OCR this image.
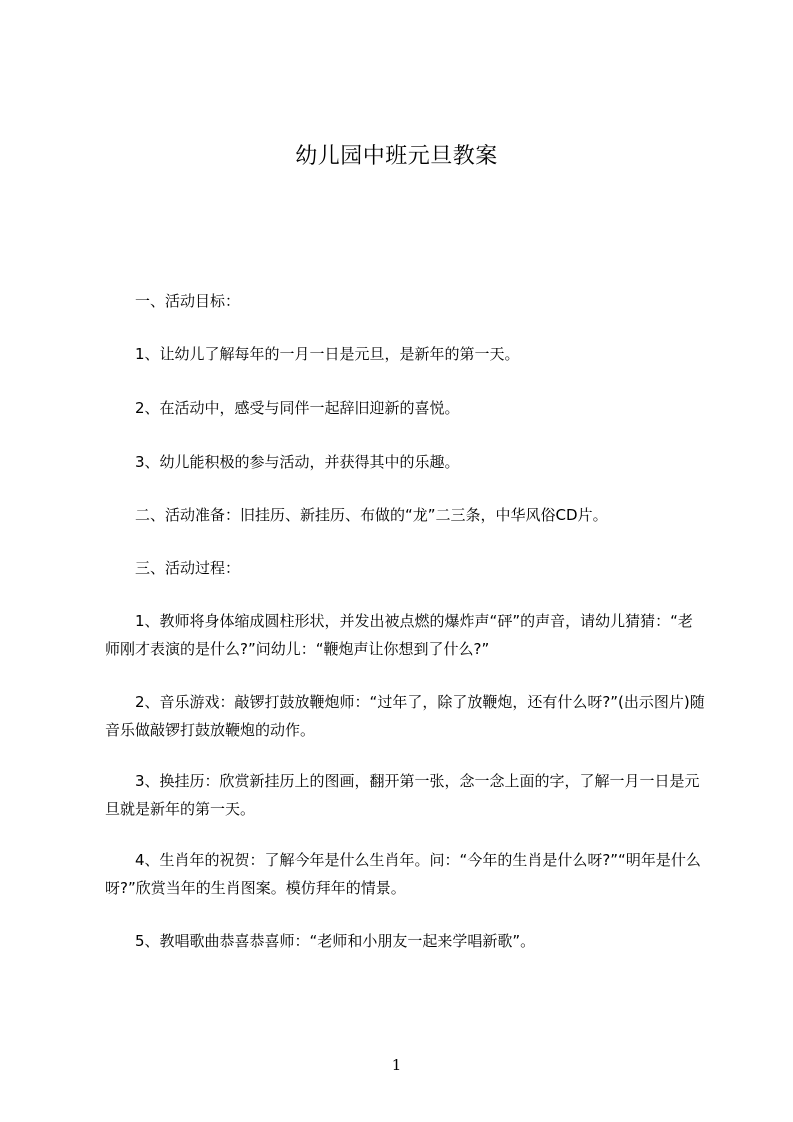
幼儿园中班元旦教案

一、活动目标：

1、让幼儿了解每年的一月一日是元旦，是新年的第一天。

2、在活动中，感受与同伴一起辞旧迎新的喜悦。

3、幼儿能积极的参与活动，并获得其中的乐趣。

二、活动准备：旧挂历、新挂历、布做的“龙”二三条，中华风俗CD片。

三、活动过程：

1、教师将身体缩成圆柱形状，并发出被点燃的爆炸声“砰”的声音，请幼儿猜猜：“老师刚才表演的是什么?”问幼儿：“鞭炮声让你想到了什么?”

2、音乐游戏：敲锣打鼓放鞭炮师：“过年了，除了放鞭炮，还有什么呀?”(出示图片)随音乐做敲锣打鼓放鞭炮的动作。

3、换挂历：欣赏新挂历上的图画，翻开第一张，念一念上面的字，了解一月一日是元旦就是新年的第一天。

4、生肖年的祝贺：了解今年是什么生肖年。问：“今年的生肖是什么呀?”“明年是什么呀?”欣赏当年的生肖图案。模仿拜年的情景。

5、教唱歌曲恭喜恭喜师：“老师和小朋友一起来学唱新歌”。

1
